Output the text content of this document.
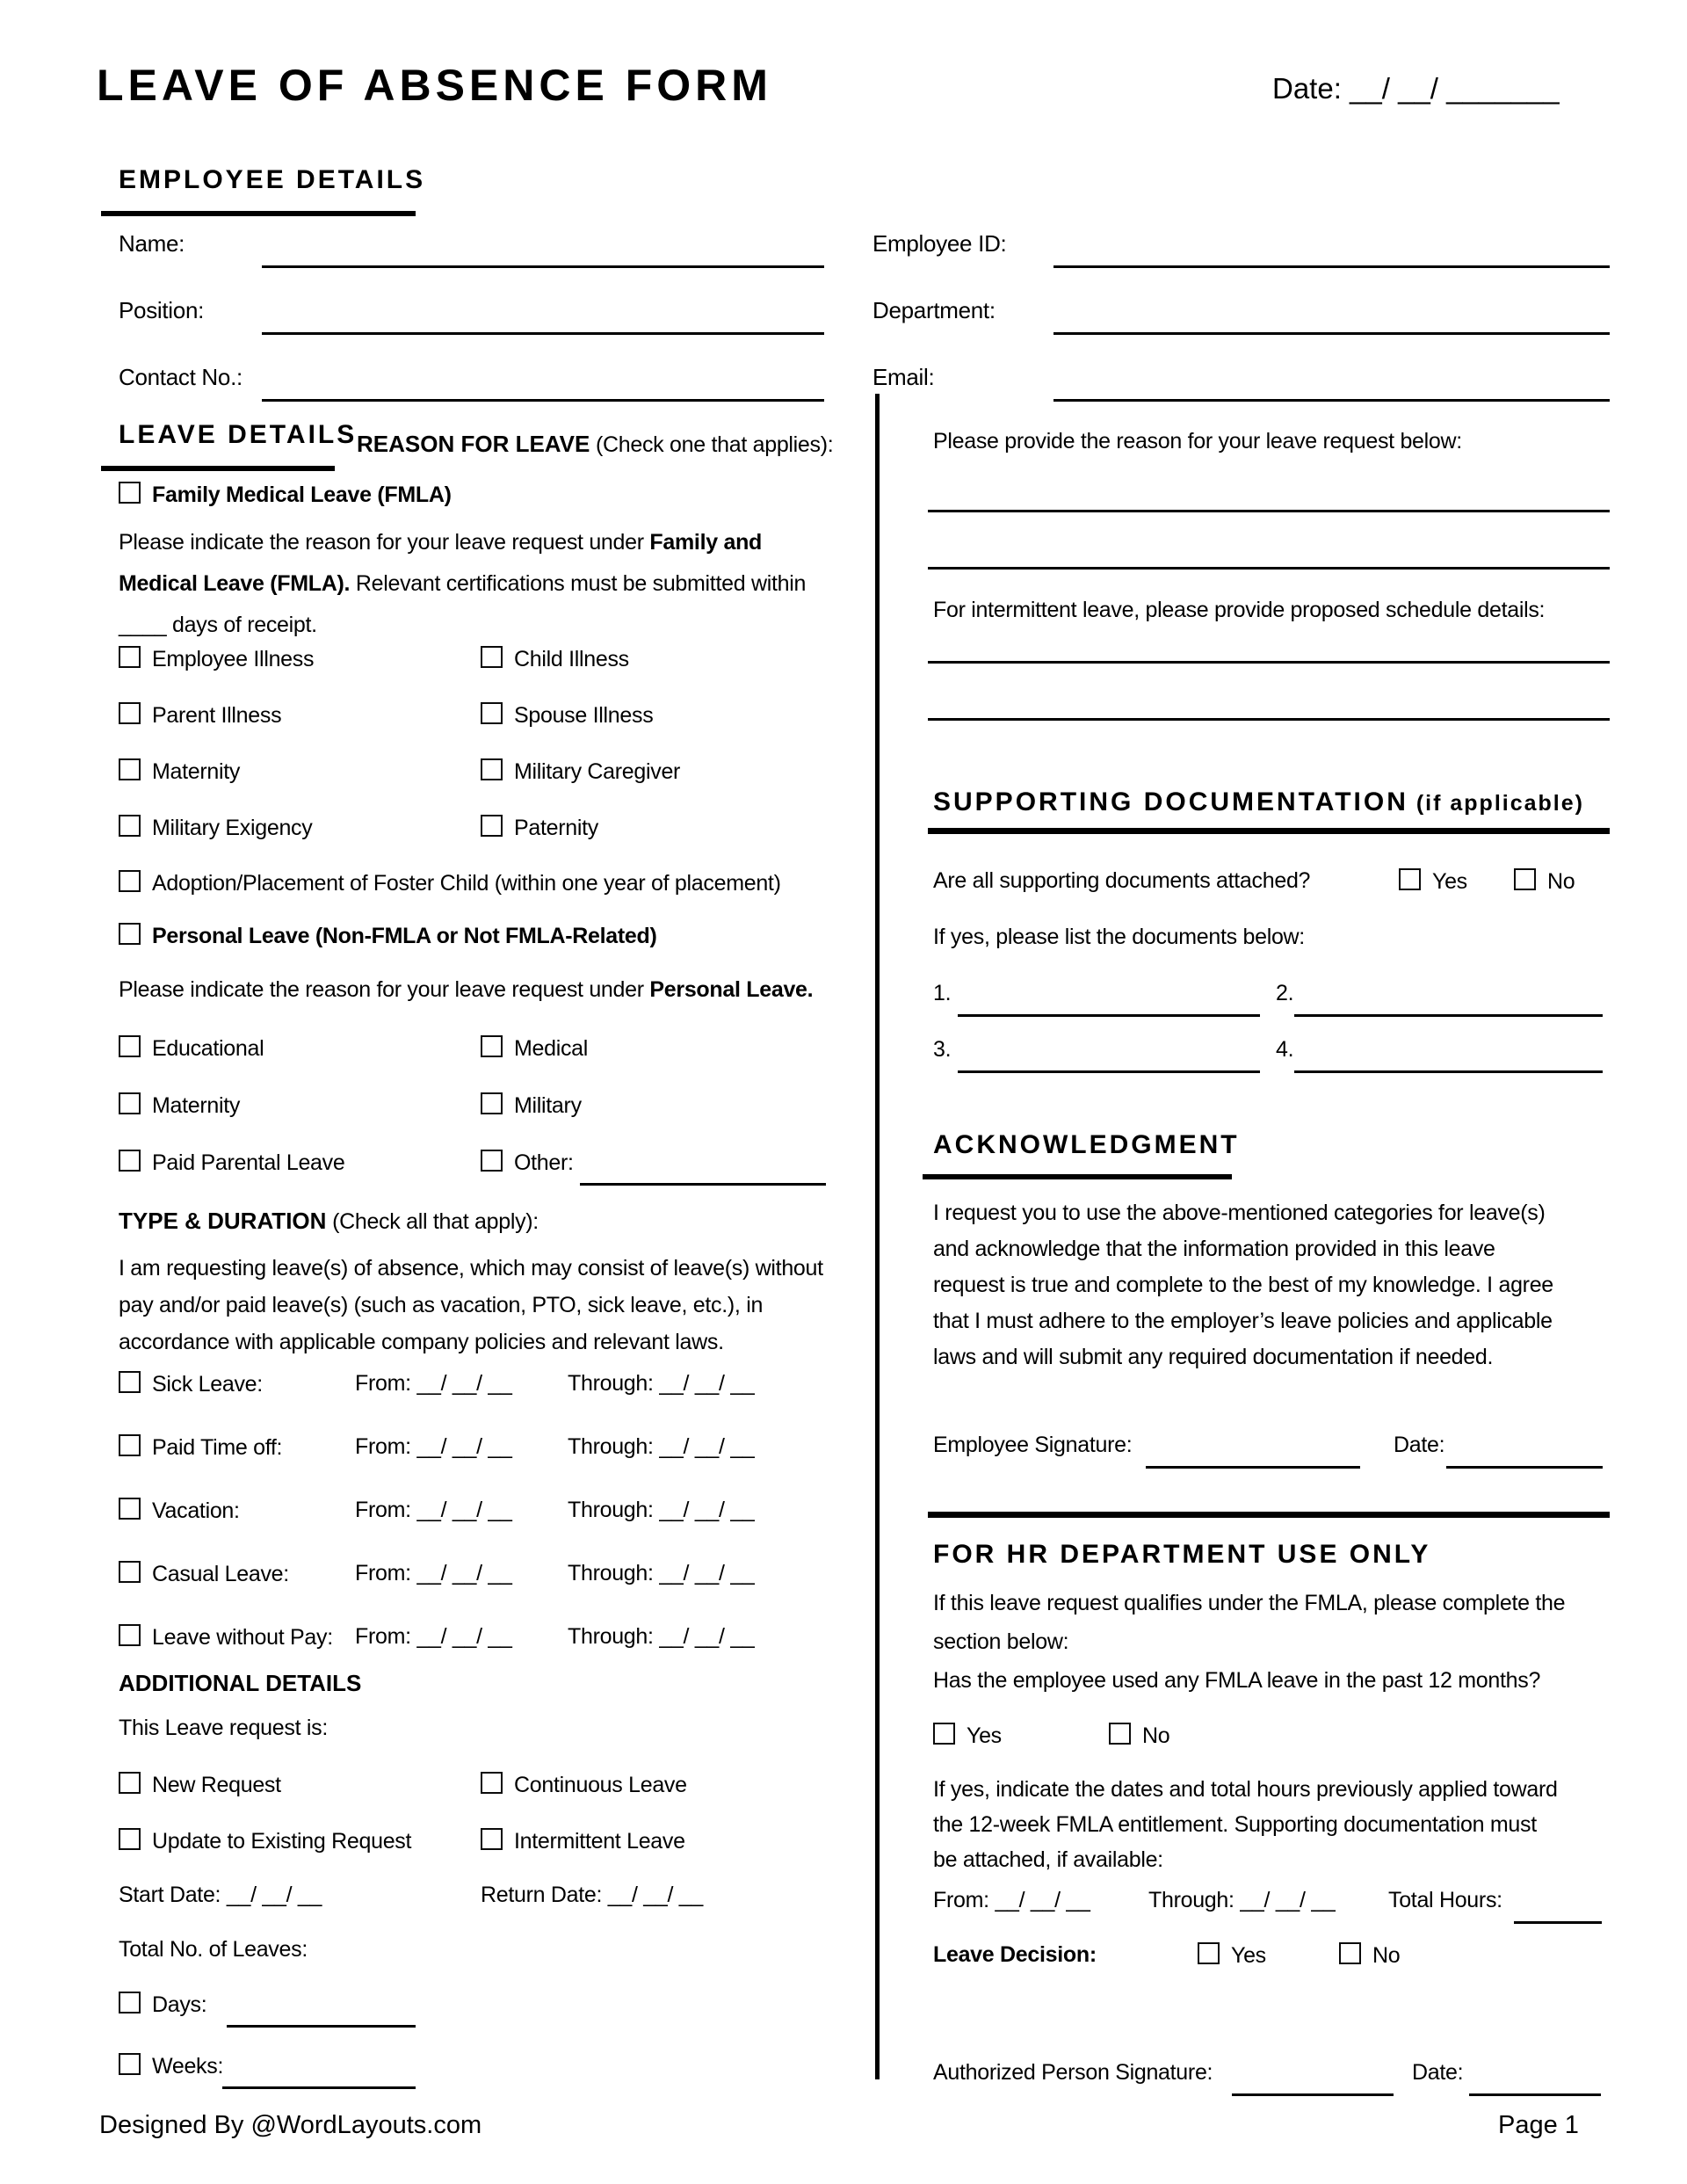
LEAVE OF ABSENCE FORM	Date: __/ __/ _______
EMPLOYEE DETAILS
Name:	Employee ID:
Position:	Department:
Contact No.:	Email:
LEAVE DETAILS REASON FOR LEAVE (Check one that applies):
Family Medical Leave (FMLA)
Please indicate the reason for your leave request under Family and
Medical Leave (FMLA). Relevant certifications must be submitted within
____ days of receipt.
Employee Illness	Child Illness
Parent Illness	Spouse Illness
Maternity	Military Caregiver
Military Exigency	Paternity
Adoption/Placement of Foster Child (within one year of placement)
Personal Leave (Non-FMLA or Not FMLA-Related)
Please indicate the reason for your leave request under Personal Leave.
Educational	Medical
Maternity	Military
Paid Parental Leave	Other:
TYPE & DURATION (Check all that apply):
I am requesting leave(s) of absence, which may consist of leave(s) without
pay and/or paid leave(s) (such as vacation, PTO, sick leave, etc.), in
accordance with applicable company policies and relevant laws.
Sick Leave:	From: __/ __/ __	Through: __/ __/ __
Paid Time off:	From: __/ __/ __	Through: __/ __/ __
Vacation:	From: __/ __/ __	Through: __/ __/ __
Casual Leave:	From: __/ __/ __	Through: __/ __/ __
Leave without Pay: From: __/ __/ __	Through: __/ __/ __
ADDITIONAL DETAILS
This Leave request is:
New Request	Continuous Leave
Update to Existing Request	Intermittent Leave
Start Date: __/ __/ __	Return Date: __/ __/ __
Total No. of Leaves:
Days:
Weeks:
Please provide the reason for your leave request below:
For intermittent leave, please provide proposed schedule details:
SUPPORTING DOCUMENTATION (if applicable)
Are all supporting documents attached?	Yes	No
If yes, please list the documents below:
1.	2.
3.	4.
ACKNOWLEDGMENT
I request you to use the above-mentioned categories for leave(s)
and acknowledge that the information provided in this leave
request is true and complete to the best of my knowledge. I agree
that I must adhere to the employer’s leave policies and applicable
laws and will submit any required documentation if needed.
Employee Signature:	Date:
FOR HR DEPARTMENT USE ONLY
If this leave request qualifies under the FMLA, please complete the
section below:
Has the employee used any FMLA leave in the past 12 months?
Yes	No
If yes, indicate the dates and total hours previously applied toward
the 12-week FMLA entitlement. Supporting documentation must
be attached, if available:
From: __/ __/ __	Through: __/ __/ __ Total Hours:
Leave Decision:	Yes	No
Authorized Person Signature:	Date:
Designed By @WordLayouts.com	Page 1
